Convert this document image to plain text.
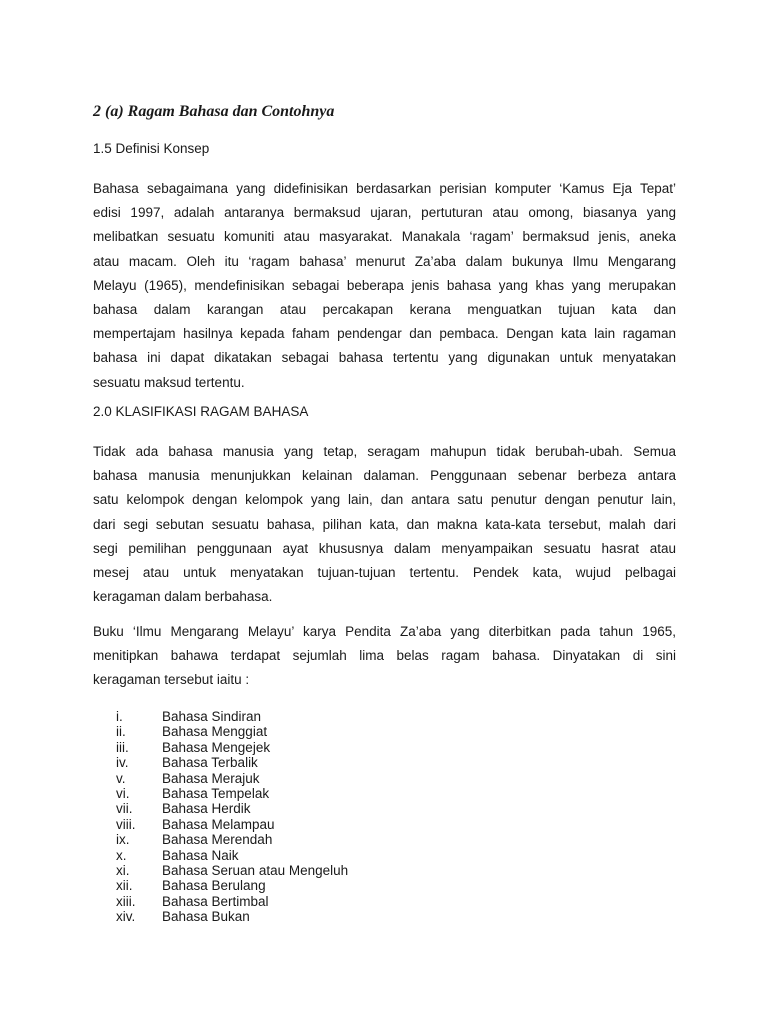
2 (a) Ragam Bahasa dan Contohnya
1.5 Definisi Konsep
Bahasa sebagaimana yang didefinisikan berdasarkan perisian komputer ‘Kamus Eja Tepat’
edisi 1997, adalah antaranya bermaksud ujaran, pertuturan atau omong, biasanya yang
melibatkan sesuatu komuniti atau masyarakat. Manakala ‘ragam’ bermaksud jenis, aneka
atau macam. Oleh itu ‘ragam bahasa’ menurut Za’aba dalam bukunya Ilmu Mengarang
Melayu (1965), mendefinisikan sebagai beberapa jenis bahasa yang khas yang merupakan
bahasa dalam karangan atau percakapan kerana menguatkan tujuan kata dan
mempertajam hasilnya kepada faham pendengar dan pembaca. Dengan kata lain ragaman
bahasa ini dapat dikatakan sebagai bahasa tertentu yang digunakan untuk menyatakan
sesuatu maksud tertentu.
2.0 KLASIFIKASI RAGAM BAHASA
Tidak ada bahasa manusia yang tetap, seragam mahupun tidak berubah-ubah. Semua
bahasa manusia menunjukkan kelainan dalaman. Penggunaan sebenar berbeza antara
satu kelompok dengan kelompok yang lain, dan antara satu penutur dengan penutur lain,
dari segi sebutan sesuatu bahasa, pilihan kata, dan makna kata-kata tersebut, malah dari
segi pemilihan penggunaan ayat khususnya dalam menyampaikan sesuatu hasrat atau
mesej atau untuk menyatakan tujuan-tujuan tertentu. Pendek kata, wujud pelbagai
keragaman dalam berbahasa.
Buku ‘Ilmu Mengarang Melayu’ karya Pendita Za’aba yang diterbitkan pada tahun 1965,
menitipkan bahawa terdapat sejumlah lima belas ragam bahasa. Dinyatakan di sini
keragaman tersebut iaitu :
i.	Bahasa Sindiran
ii.	Bahasa Menggiat
iii.	Bahasa Mengejek
iv.	Bahasa Terbalik
v.	Bahasa Merajuk
vi.	Bahasa Tempelak
vii.	Bahasa Herdik
viii.	Bahasa Melampau
ix.	Bahasa Merendah
x.	Bahasa Naik
xi.	Bahasa Seruan atau Mengeluh
xii.	Bahasa Berulang
xiii.	Bahasa Bertimbal
xiv.	Bahasa Bukan
